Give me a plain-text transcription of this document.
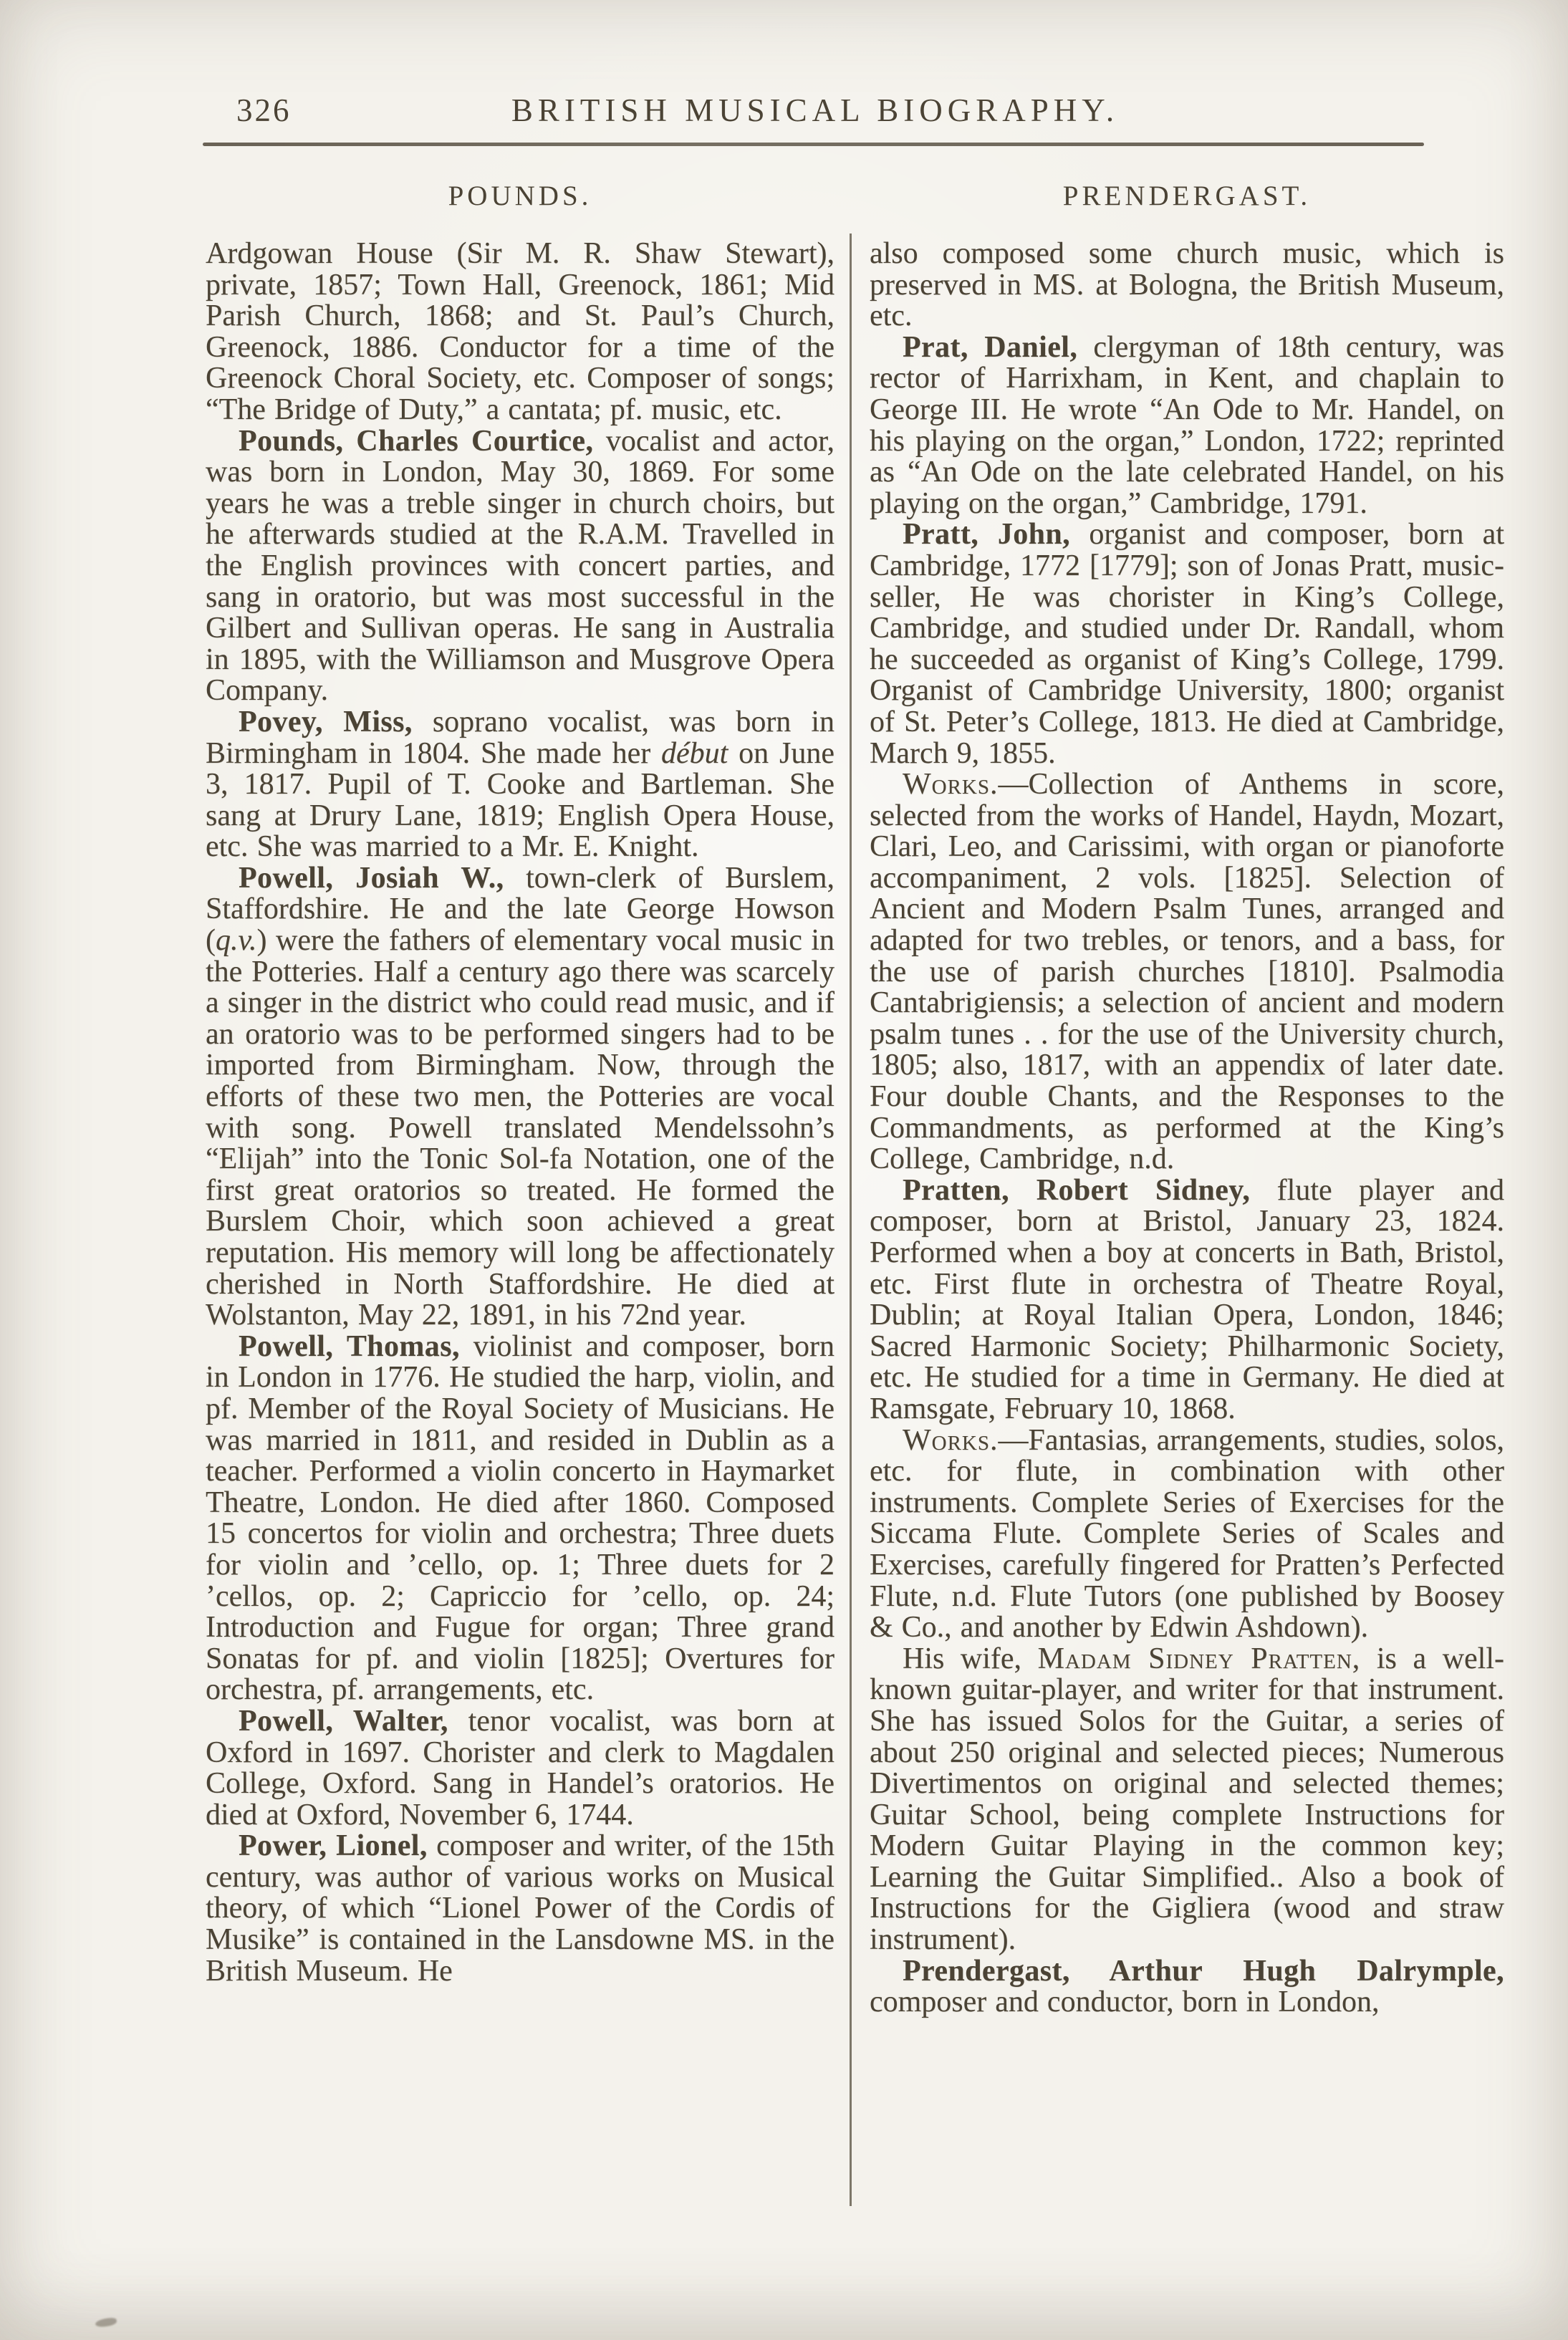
326	BRITISH MUSICAL BIOGRAPHY.
POUNDS.

Ardgowan House (Sir M. R. Shaw Stewart), private, 1857; Town Hall, Greenock, 1861; Mid Parish Church, 1868; and St. Paul’s Church, Greenock, 1886. Conductor for a time of the Greenock Choral Society, etc. Composer of songs; “The Bridge of Duty,” a cantata; pf. music, etc.

Pounds, Charles Courtice, vocalist and actor, was born in London, May 30, 1869. For some years he was a treble singer in church choirs, but he afterwards studied at the R.A.M. Travelled in the English provinces with concert parties, and sang in oratorio, but was most successful in the Gilbert and Sullivan operas. He sang in Australia in 1895, with the Williamson and Musgrove Opera Company.

Povey, Miss, soprano vocalist, was born in Birmingham in 1804. She made her début on June 3, 1817. Pupil of T. Cooke and Bartleman. She sang at Drury Lane, 1819; English Opera House, etc. She was married to a Mr. E. Knight.

Powell, Josiah W., town-clerk of Burslem, Staffordshire. He and the late George Howson (q.v.) were the fathers of elementary vocal music in the Potteries. Half a century ago there was scarcely a singer in the district who could read music, and if an oratorio was to be performed singers had to be imported from Birmingham. Now, through the efforts of these two men, the Potteries are vocal with song. Powell translated Mendelssohn’s “Elijah” into the Tonic Sol-fa Notation, one of the first great oratorios so treated. He formed the Burslem Choir, which soon achieved a great reputation. His memory will long be affectionately cherished in North Staffordshire. He died at Wolstanton, May 22, 1891, in his 72nd year.

Powell, Thomas, violinist and composer, born in London in 1776. He studied the harp, violin, and pf. Member of the Royal Society of Musicians. He was married in 1811, and resided in Dublin as a teacher. Performed a violin concerto in Haymarket Theatre, London. He died after 1860. Composed 15 concertos for violin and orchestra; Three duets for violin and ’cello, op. 1; Three duets for 2 ’cellos, op. 2; Capriccio for ’cello, op. 24; Introduction and Fugue for organ; Three grand Sonatas for pf. and violin [1825]; Overtures for orchestra, pf. arrangements, etc.

Powell, Walter, tenor vocalist, was born at Oxford in 1697. Chorister and clerk to Magdalen College, Oxford. Sang in Handel’s oratorios. He died at Oxford, November 6, 1744.

Power, Lionel, composer and writer, of the 15th century, was author of various works on Musical theory, of which “Lionel Power of the Cordis of Musike” is contained in the Lansdowne MS. in the British Museum. He

PRENDERGAST.

also composed some church music, which is preserved in MS. at Bologna, the British Museum, etc.

Prat, Daniel, clergyman of 18th century, was rector of Harrixham, in Kent, and chaplain to George III. He wrote “An Ode to Mr. Handel, on his playing on the organ,” London, 1722; reprinted as “An Ode on the late celebrated Handel, on his playing on the organ,” Cambridge, 1791.

Pratt, John, organist and composer, born at Cambridge, 1772 [1779]; son of Jonas Pratt, music-seller, He was chorister in King’s College, Cambridge, and studied under Dr. Randall, whom he succeeded as organist of King’s College, 1799. Organist of Cambridge University, 1800; organist of St. Peter’s College, 1813. He died at Cambridge, March 9, 1855.

Works.—Collection of Anthems in score, selected from the works of Handel, Haydn, Mozart, Clari, Leo, and Carissimi, with organ or pianoforte accompaniment, 2 vols. [1825]. Selection of Ancient and Modern Psalm Tunes, arranged and adapted for two trebles, or tenors, and a bass, for the use of parish churches [1810]. Psalmodia Cantabrigiensis; a selection of ancient and modern psalm tunes . . for the use of the University church, 1805; also, 1817, with an appendix of later date. Four double Chants, and the Responses to the Commandments, as performed at the King’s College, Cambridge, n.d.

Pratten, Robert Sidney, flute player and composer, born at Bristol, January 23, 1824. Performed when a boy at concerts in Bath, Bristol, etc. First flute in orchestra of Theatre Royal, Dublin; at Royal Italian Opera, London, 1846; Sacred Harmonic Society; Philharmonic Society, etc. He studied for a time in Germany. He died at Ramsgate, February 10, 1868.

Works.—Fantasias, arrangements, studies, solos, etc. for flute, in combination with other instruments. Complete Series of Exercises for the Siccama Flute. Complete Series of Scales and Exercises, carefully fingered for Pratten’s Perfected Flute, n.d. Flute Tutors (one published by Boosey & Co., and another by Edwin Ashdown).

His wife, Madam Sidney Pratten, is a well-known guitar-player, and writer for that instrument. She has issued Solos for the Guitar, a series of about 250 original and selected pieces; Numerous Divertimentos on original and selected themes; Guitar School, being complete Instructions for Modern Guitar Playing in the common key; Learning the Guitar Simplified.. Also a book of Instructions for the Gigliera (wood and straw instrument).

Prendergast, Arthur Hugh Dalrymple, composer and conductor, born in London,
